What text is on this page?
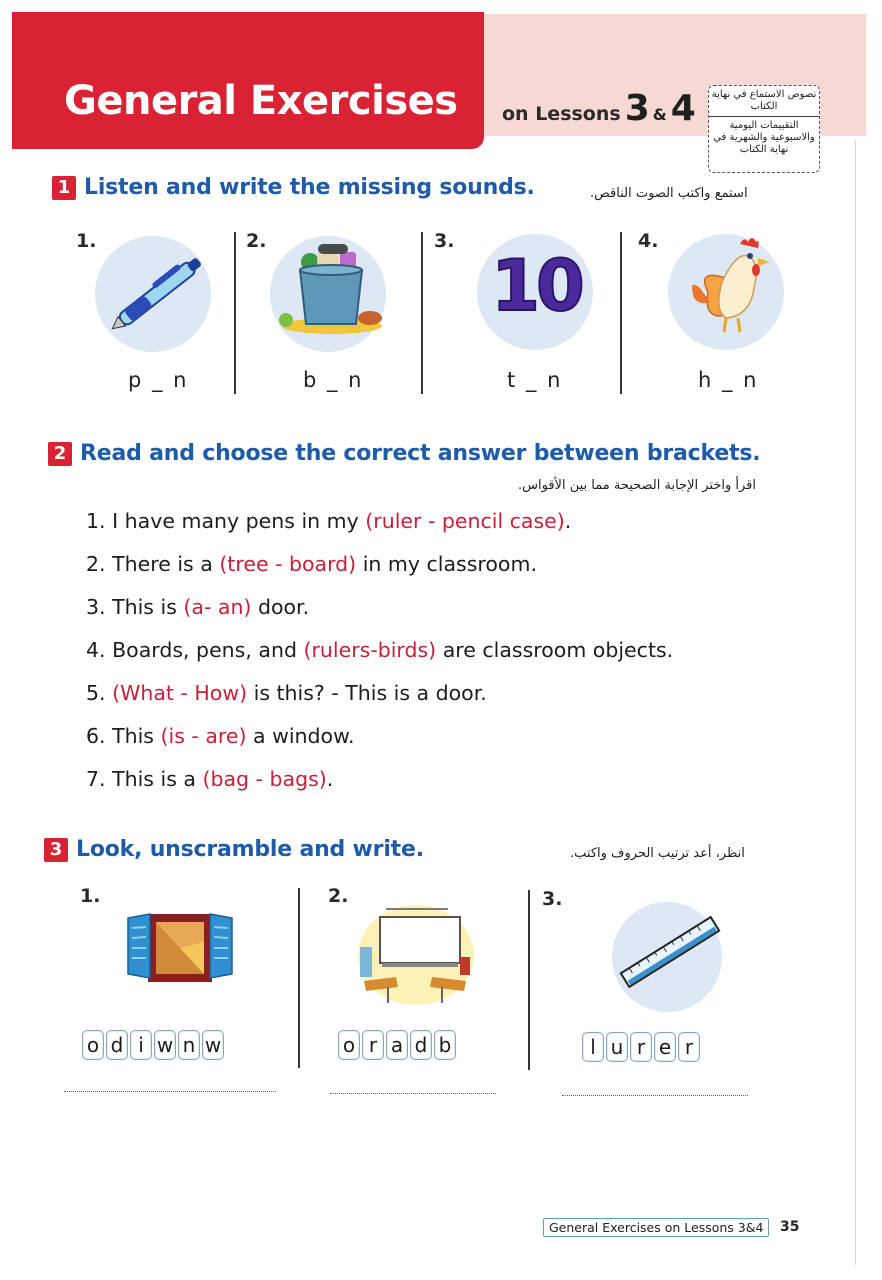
General Exercises on Lessons 3 & 4 نصوص الاستماع في نهاية الكتاب
التقييمات اليومية والاسبوعية والشهرية في نهاية الكتاب
1 Listen and write the missing sounds.	استمع واكتب الصوت الناقص.
1.
p _ n
2.
b _ n
3.
10
t _ n
4.
h _ n
2 Read and choose the correct answer between brackets.
اقرأ واختر الإجابة الصحيحة مما بين الأقواس.
1. I have many pens in my (ruler - pencil case).
2. There is a (tree - board) in my classroom.
3. This is (a- an) door.
4. Boards, pens, and (rulers-birds) are classroom objects.
5. (What - How) is this? - This is a door.
6. This (is - are) a window.
7. This is a (bag - bags).
3 Look, unscramble and write.	انظر، أعد ترتيب الحروف واكتب.
1.
o d i w n w
2.
o r a d b
3.
l u r e r
General Exercises on Lessons 3&4	35
